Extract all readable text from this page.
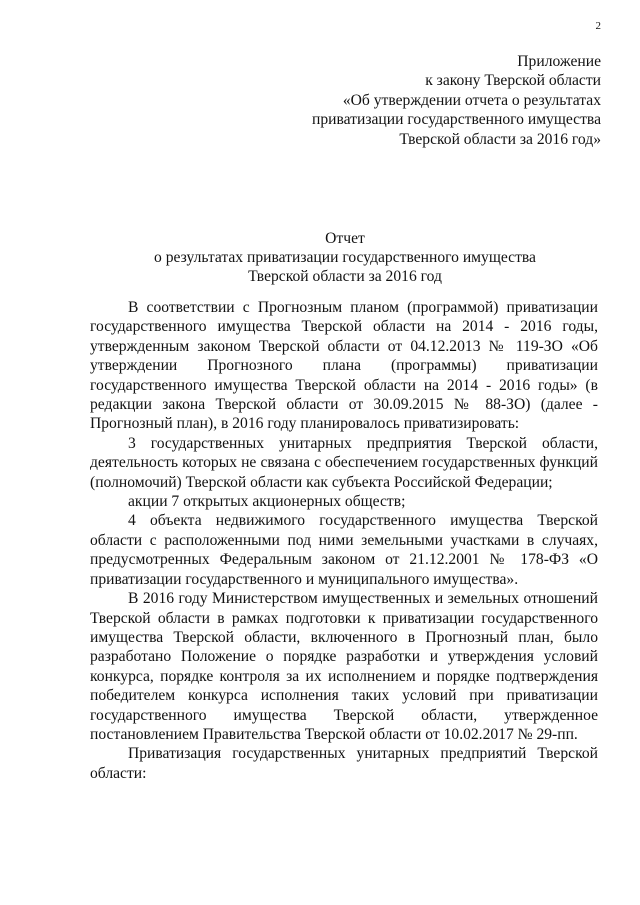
2
Приложение
к закону Тверской области
«Об утверждении отчета о результатах
приватизации государственного имущества
Тверской области за 2016 год»
Отчет
о результатах приватизации государственного имущества
Тверской области за 2016 год

В соответствии с Прогнозным планом (программой) приватизации государственного имущества Тверской области на 2014 - 2016 годы, утвержденным законом Тверской области от 04.12.2013 № 119-ЗО «Об утверждении Прогнозного плана (программы) приватизации государственного имущества Тверской области на 2014 - 2016 годы» (в редакции закона Тверской области от 30.09.2015 № 88-ЗО) (далее - Прогнозный план), в 2016 году планировалось приватизировать:

3 государственных унитарных предприятия Тверской области, деятельность которых не связана с обеспечением государственных функций (полномочий) Тверской области как субъекта Российской Федерации;

акции 7 открытых акционерных обществ;

4 объекта недвижимого государственного имущества Тверской области с расположенными под ними земельными участками в случаях, предусмотренных Федеральным законом от 21.12.2001 № 178-ФЗ «О приватизации государственного и муниципального имущества».

В 2016 году Министерством имущественных и земельных отношений Тверской области в рамках подготовки к приватизации государственного имущества Тверской области, включенного в Прогнозный план, было разработано Положение о порядке разработки и утверждения условий конкурса, порядке контроля за их исполнением и порядке подтверждения победителем конкурса исполнения таких условий при приватизации государственного имущества Тверской области, утвержденное постановлением Правительства Тверской области от 10.02.2017 № 29-пп.

Приватизация государственных унитарных предприятий Тверской области:
